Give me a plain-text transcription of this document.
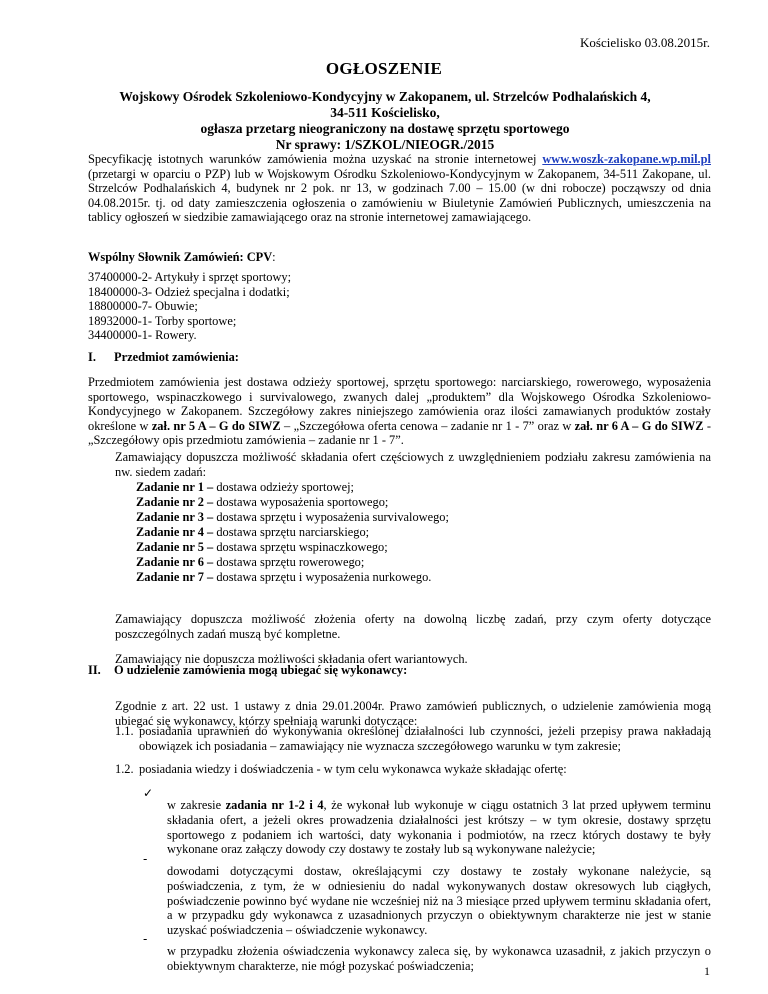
Kościelisko 03.08.2015r.
OGŁOSZENIE
Wojskowy Ośrodek Szkoleniowo-Kondycyjny w Zakopanem, ul. Strzelców Podhalańskich 4,
34-511 Kościelisko,
ogłasza przetarg nieograniczony na dostawę sprzętu sportowego
Nr sprawy: 1/SZKOL/NIEOGR./2015

Specyfikację istotnych warunków zamówienia można uzyskać na stronie internetowej www.woszk-zakopane.wp.mil.pl (przetargi w oparciu o PZP) lub w Wojskowym Ośrodku Szkoleniowo-Kondycyjnym w Zakopanem, 34-511 Zakopane, ul. Strzelców Podhalańskich 4, budynek nr 2 pok. nr 13, w godzinach 7.00 – 15.00 (w dni robocze) począwszy od dnia 04.08.2015r. tj. od daty zamieszczenia ogłoszenia o zamówieniu w Biuletynie Zamówień Publicznych, umieszczenia na tablicy ogłoszeń w siedzibie zamawiającego oraz na stronie internetowej zamawiającego.

Wspólny Słownik Zamówień: CPV:
37400000-2- Artykuły i sprzęt sportowy;
18400000-3- Odzież specjalna i dodatki;
18800000-7- Obuwie;
18932000-1- Torby sportowe;
34400000-1- Rowery.
I. Przedmiot zamówienia:

Przedmiotem zamówienia jest dostawa odzieży sportowej, sprzętu sportowego: narciarskiego, rowerowego, wyposażenia sportowego, wspinaczkowego i survivalowego, zwanych dalej „produktem” dla Wojskowego Ośrodka Szkoleniowo-Kondycyjnego w Zakopanem. Szczegółowy zakres niniejszego zamówienia oraz ilości zamawianych produktów zostały określone w zał. nr 5 A – G do SIWZ – „Szczegółowa oferta cenowa – zadanie nr 1 - 7” oraz w zał. nr 6 A – G do SIWZ - „Szczegółowy opis przedmiotu zamówienia – zadanie nr 1 - 7”.

Zamawiający dopuszcza możliwość składania ofert częściowych z uwzględnieniem podziału zakresu zamówienia na nw. siedem zadań:

Zadanie nr 1 – dostawa odzieży sportowej;
Zadanie nr 2 – dostawa wyposażenia sportowego;
Zadanie nr 3 – dostawa sprzętu i wyposażenia survivalowego;
Zadanie nr 4 – dostawa sprzętu narciarskiego;
Zadanie nr 5 – dostawa sprzętu wspinaczkowego;
Zadanie nr 6 – dostawa sprzętu rowerowego;
Zadanie nr 7 – dostawa sprzętu i wyposażenia nurkowego.

Zamawiający dopuszcza możliwość złożenia oferty na dowolną liczbę zadań, przy czym oferty dotyczące poszczególnych zadań muszą być kompletne.

Zamawiający nie dopuszcza możliwości składania ofert wariantowych.

II. O udzielenie zamówienia mogą ubiegać się wykonawcy:

Zgodnie z art. 22 ust. 1 ustawy z dnia 29.01.2004r. Prawo zamówień publicznych, o udzielenie zamówienia mogą ubiegać się wykonawcy, którzy spełniają warunki dotyczące:

1.1. posiadania uprawnień do wykonywania określonej działalności lub czynności, jeżeli przepisy prawa nakładają obowiązek ich posiadania – zamawiający nie wyznacza szczegółowego warunku w tym zakresie;
1.2. posiadania wiedzy i doświadczenia - w tym celu wykonawca wykaże składając ofertę:
✓

w zakresie zadania nr 1-2 i 4, że wykonał lub wykonuje w ciągu ostatnich 3 lat przed upływem terminu składania ofert, a jeżeli okres prowadzenia działalności jest krótszy – w tym okresie, dostawy sprzętu sportowego z podaniem ich wartości, daty wykonania i podmiotów, na rzecz których dostawy te były wykonane oraz załączy dowody czy dostawy te zostały lub są wykonywane należycie;

-

dowodami dotyczącymi dostaw, określającymi czy dostawy te zostały wykonane należycie, są poświadczenia, z tym, że w odniesieniu do nadal wykonywanych dostaw okresowych lub ciągłych, poświadczenie powinno być wydane nie wcześniej niż na 3 miesiące przed upływem terminu składania ofert, a w przypadku gdy wykonawca z uzasadnionych przyczyn o obiektywnym charakterze nie jest w stanie uzyskać poświadczenia – oświadczenie wykonawcy.

-

w przypadku złożenia oświadczenia wykonawcy zaleca się, by wykonawca uzasadnił, z jakich przyczyn o obiektywnym charakterze, nie mógł pozyskać poświadczenia;	1
